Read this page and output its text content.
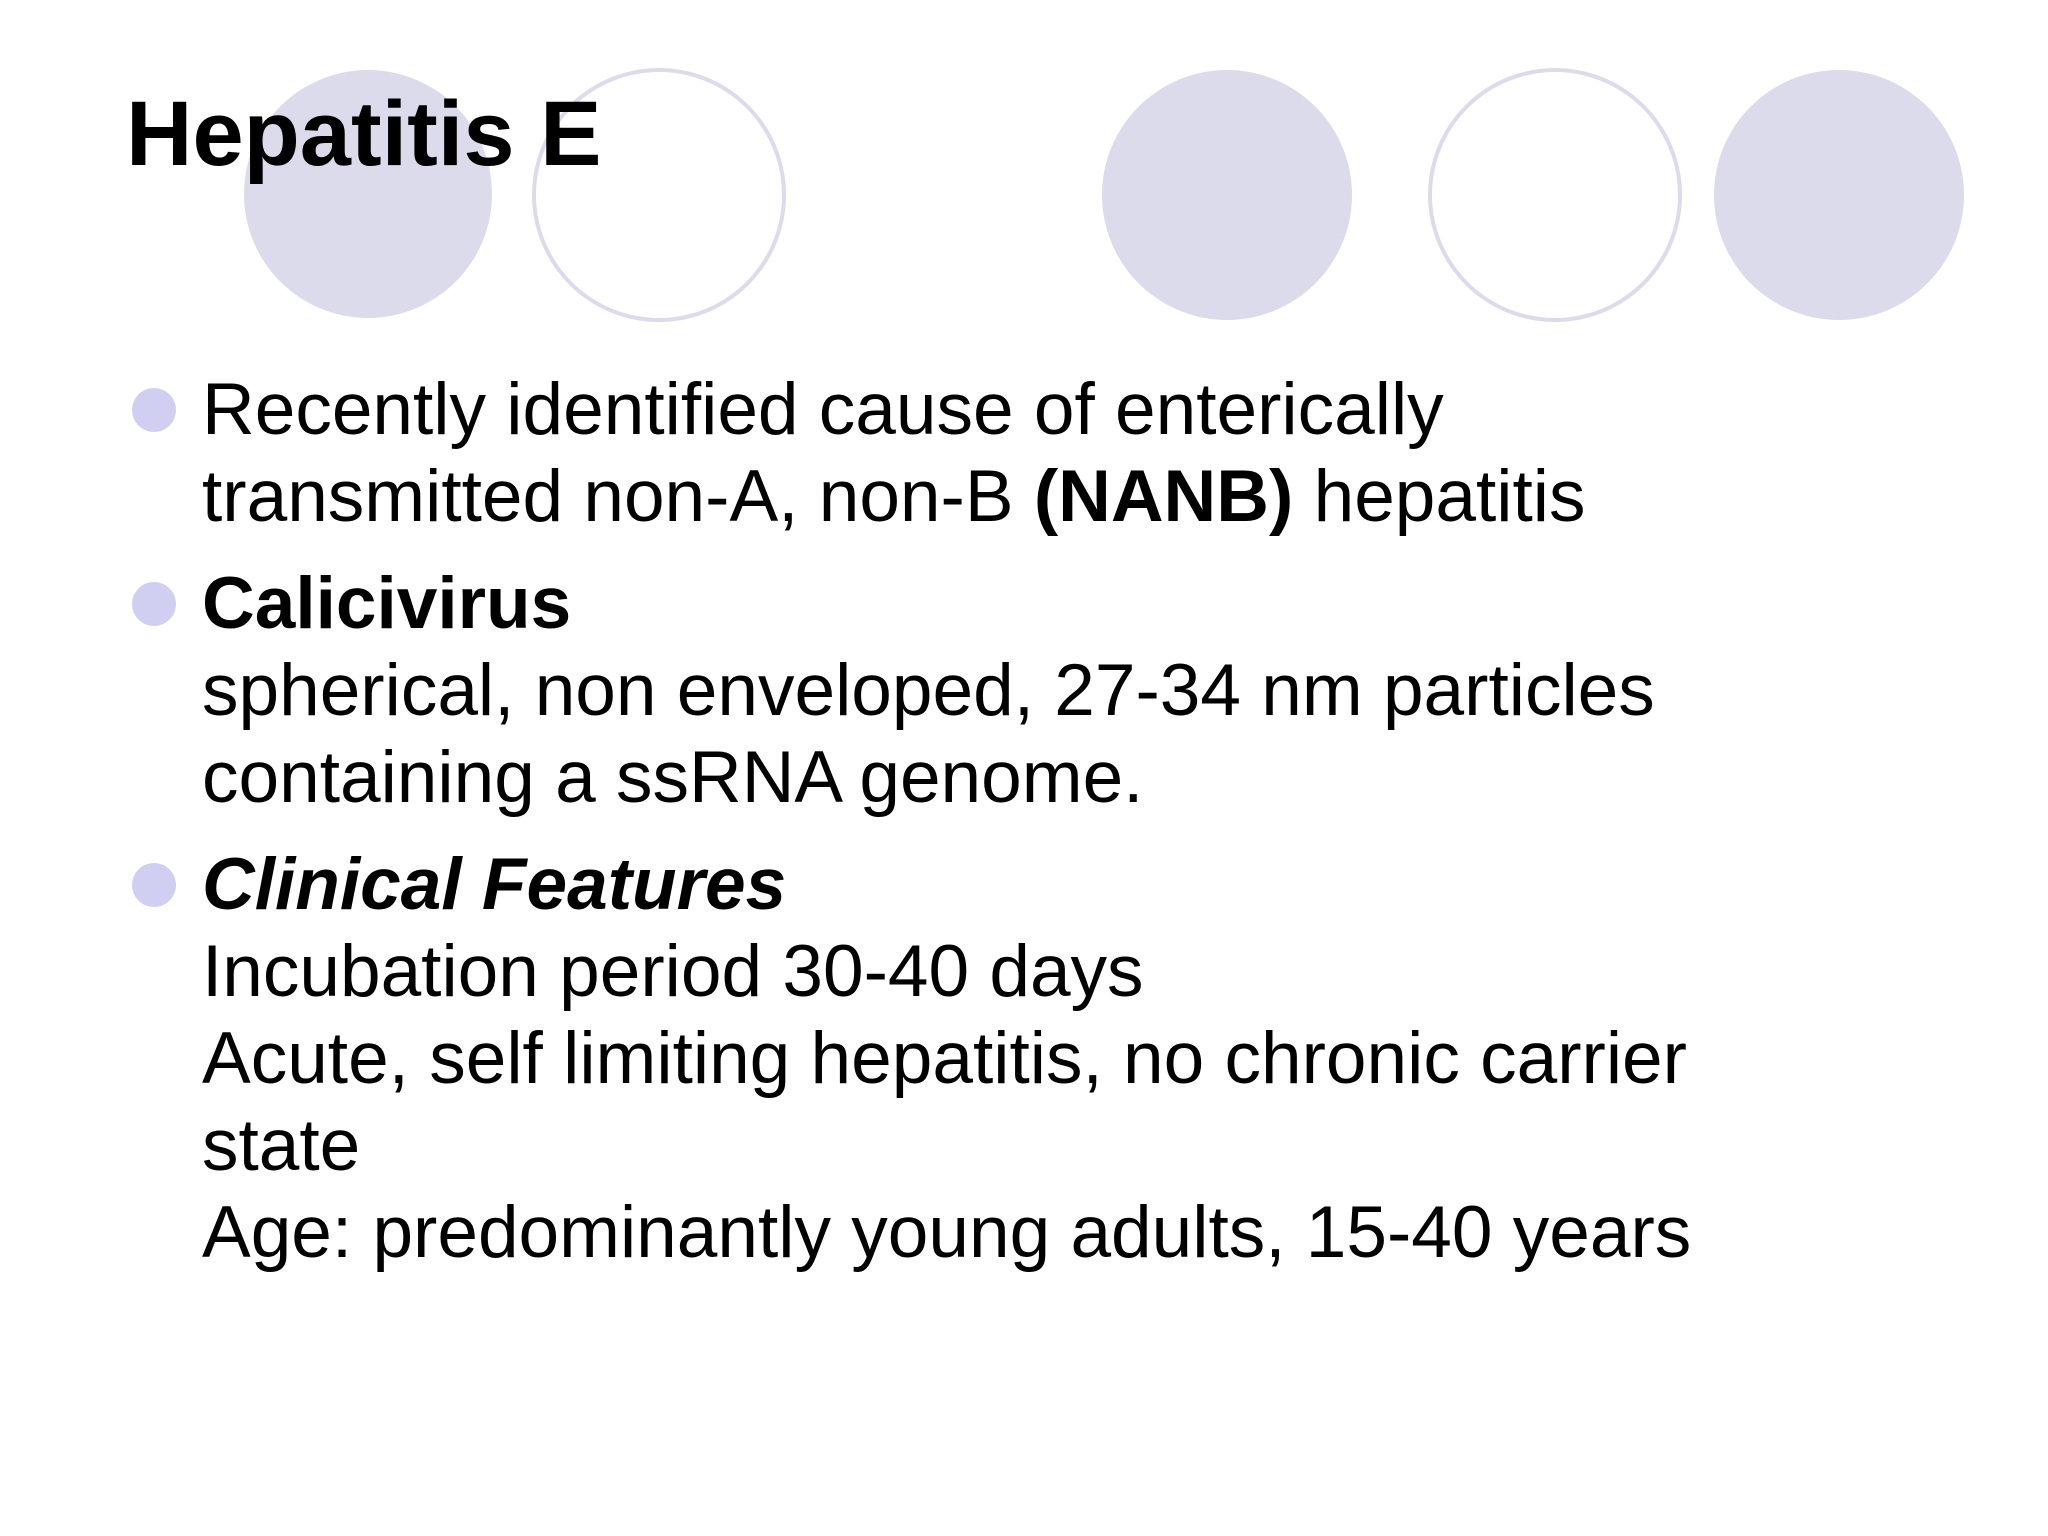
Hepatitis E
Recently identified cause of enterically
transmitted non-A, non-B (NANB) hepatitis
Calicivirus
spherical, non enveloped, 27-34 nm particles
containing a ssRNA genome.
Clinical Features
Incubation period 30-40 days
Acute, self limiting hepatitis, no chronic carrier
state
Age: predominantly young adults, 15-40 years
